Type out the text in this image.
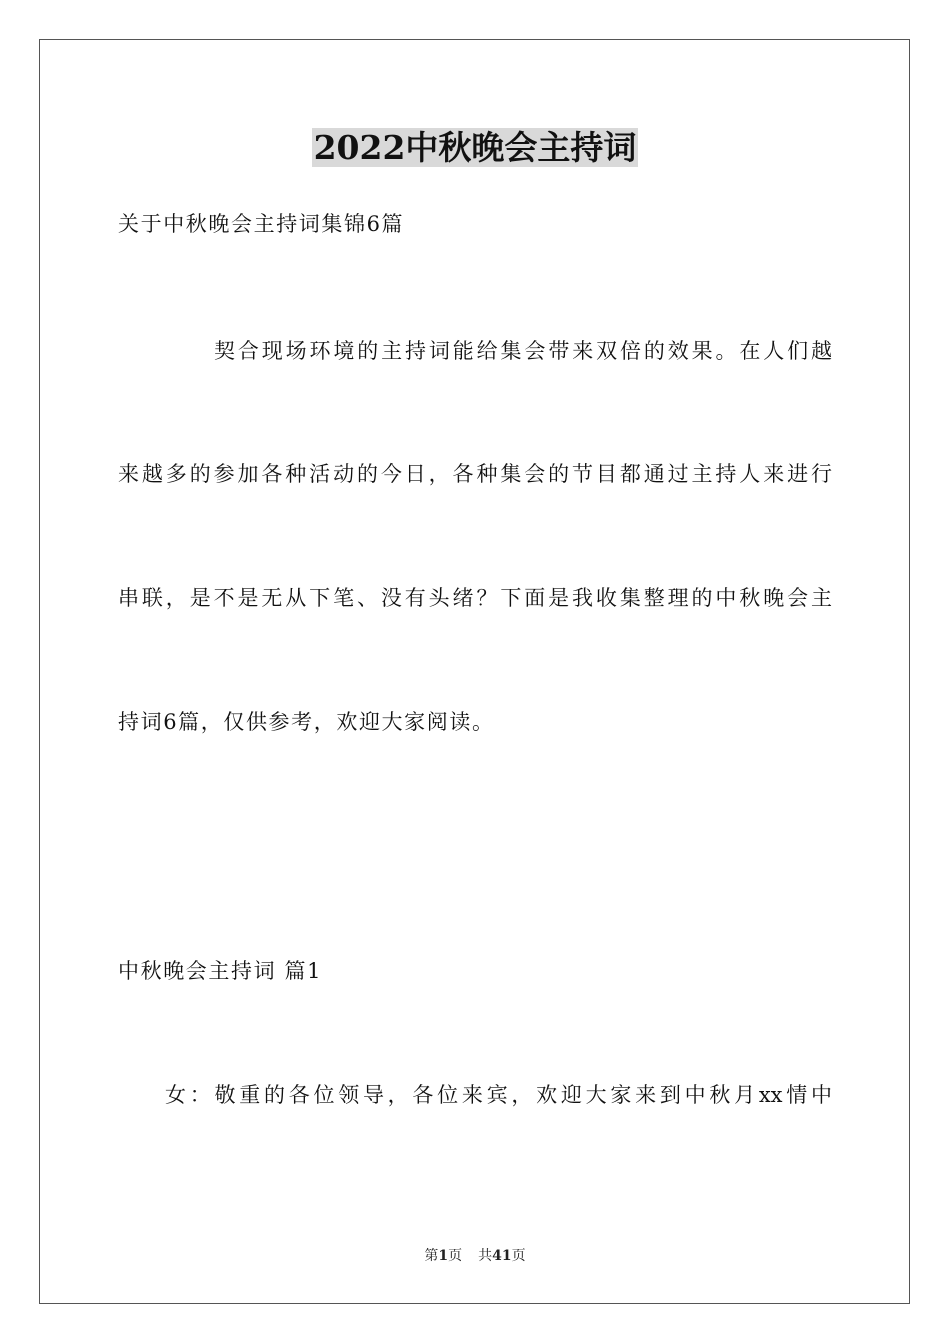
2022中秋晚会主持词
关于中秋晚会主持词集锦6篇
契合现场环境的主持词能给集会带来双倍的效果。在人们越
来越多的参加各种活动的今日，各种集会的节目都通过主持人来进行
串联，是不是无从下笔、没有头绪？下面是我收集整理的中秋晚会主
持词6篇，仅供参考，欢迎大家阅读。
中秋晚会主持词 篇1
女：敬重的各位领导，各位来宾，欢迎大家来到中秋月xx情中
第1页 共41页
